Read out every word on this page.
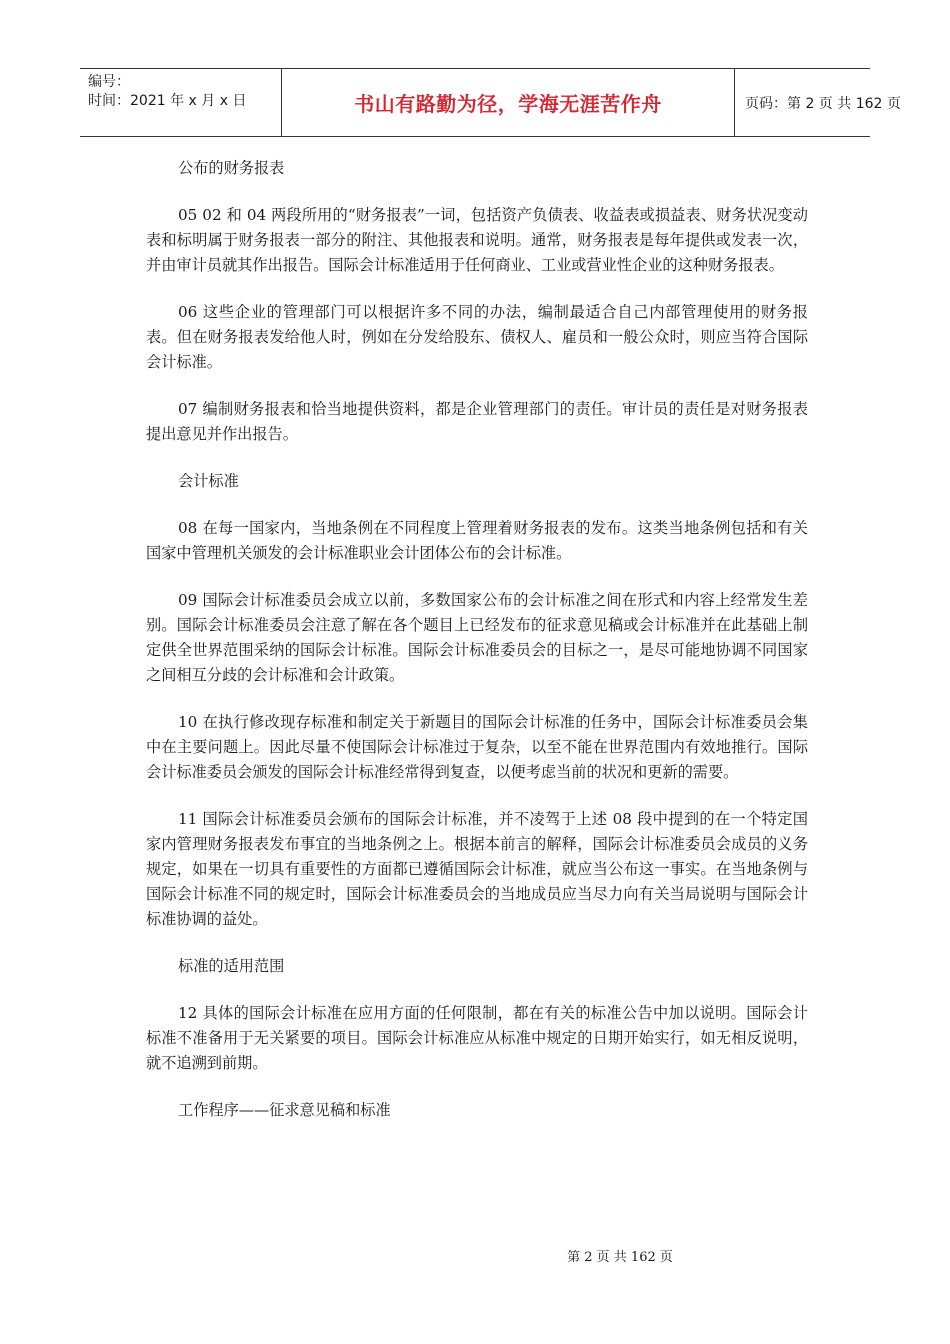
编号：
时间：2021 年 x 月 x 日	书山有路勤为径，学海无涯苦作舟	页码：第 2 页 共 162 页

公布的财务报表

05 02 和 04 两段所用的“财务报表”一词，包括资产负债表、收益表或损益表、财务状况变动表和标明属于财务报表一部分的附注、其他报表和说明。通常，财务报表是每年提供或发表一次，并由审计员就其作出报告。国际会计标准适用于任何商业、工业或营业性企业的这种财务报表。

06 这些企业的管理部门可以根据许多不同的办法，编制最适合自己内部管理使用的财务报表。但在财务报表发给他人时，例如在分发给股东、债权人、雇员和一般公众时，则应当符合国际会计标准。

07 编制财务报表和恰当地提供资料，都是企业管理部门的责任。审计员的责任是对财务报表提出意见并作出报告。

会计标准

08 在每一国家内，当地条例在不同程度上管理着财务报表的发布。这类当地条例包括和有关国家中管理机关颁发的会计标准职业会计团体公布的会计标准。

09 国际会计标准委员会成立以前，多数国家公布的会计标准之间在形式和内容上经常发生差别。国际会计标准委员会注意了解在各个题目上已经发布的征求意见稿或会计标准并在此基础上制定供全世界范围采纳的国际会计标准。国际会计标准委员会的目标之一，是尽可能地协调不同国家之间相互分歧的会计标准和会计政策。

10 在执行修改现存标准和制定关于新题目的国际会计标准的任务中，国际会计标准委员会集中在主要问题上。因此尽量不使国际会计标准过于复杂，以至不能在世界范围内有效地推行。国际会计标准委员会颁发的国际会计标准经常得到复查，以便考虑当前的状况和更新的需要。

11 国际会计标准委员会颁布的国际会计标准，并不凌驾于上述 08 段中提到的在一个特定国家内管理财务报表发布事宜的当地条例之上。根据本前言的解释，国际会计标准委员会成员的义务规定，如果在一切具有重要性的方面都已遵循国际会计标准，就应当公布这一事实。在当地条例与国际会计标准不同的规定时，国际会计标准委员会的当地成员应当尽力向有关当局说明与国际会计标准协调的益处。

标准的适用范围

12 具体的国际会计标准在应用方面的任何限制，都在有关的标准公告中加以说明。国际会计标准不准备用于无关紧要的项目。国际会计标准应从标准中规定的日期开始实行，如无相反说明，就不追溯到前期。

工作程序——征求意见稿和标准

第 2 页 共 162 页
